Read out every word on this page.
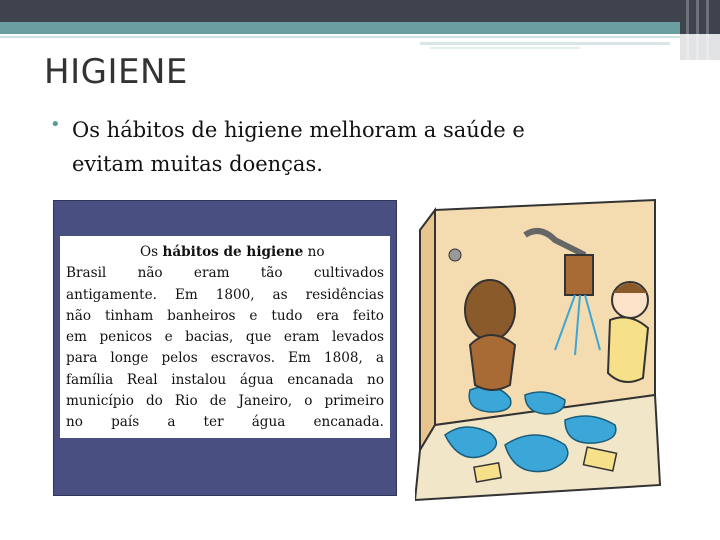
HIGIENE
• Os hábitos de higiene melhoram a saúde e
evitam muitas doenças.

Os hábitos de higiene no

Brasil não eram tão cultivados

antigamente. Em 1800, as residências

não tinham banheiros e tudo era feito

em penicos e bacias, que eram levados

para longe pelos escravos. Em 1808, a

família Real instalou água encanada no

município do Rio de Janeiro, o primeiro

no país a ter água encanada.
